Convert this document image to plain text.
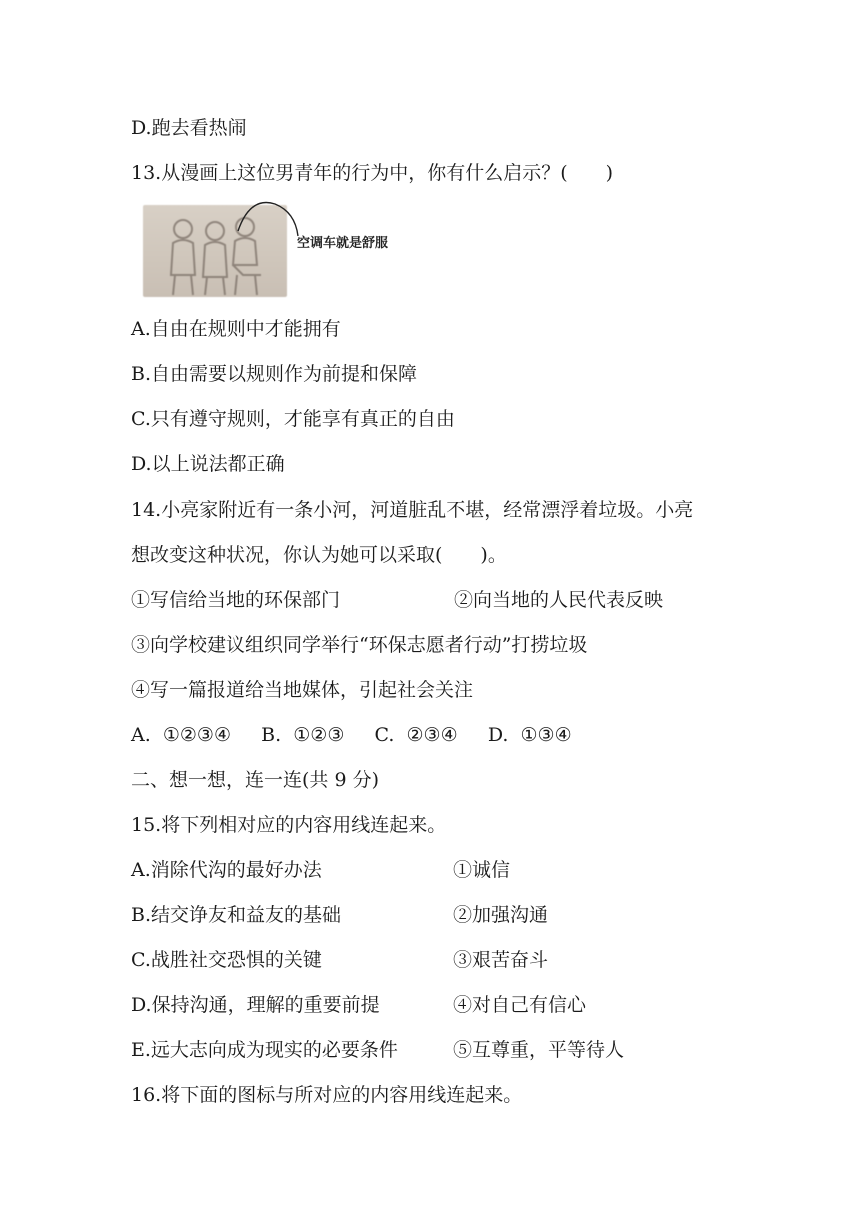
D.跑去看热闹
13.从漫画上这位男青年的行为中，你有什么启示？(　　)
空调车就是舒服
A.自由在规则中才能拥有
B.自由需要以规则作为前提和保障
C.只有遵守规则，才能享有真正的自由
D.以上说法都正确
14.小亮家附近有一条小河，河道脏乱不堪，经常漂浮着垃圾。小亮
想改变这种状况，你认为她可以采取(　　)。
①写信给当地的环保部门	②向当地的人民代表反映
③向学校建议组织同学举行“环保志愿者行动”打捞垃圾
④写一篇报道给当地媒体，引起社会关注
A.  ①②③④     B.  ①②③     C.  ②③④     D.  ①③④
二、想一想，连一连(共 9 分)
15.将下列相对应的内容用线连起来。
A.消除代沟的最好办法	①诚信
B.结交诤友和益友的基础	②加强沟通
C.战胜社交恐惧的关键	③艰苦奋斗
D.保持沟通，理解的重要前提	④对自己有信心
E.远大志向成为现实的必要条件	⑤互尊重，平等待人
16.将下面的图标与所对应的内容用线连起来。
